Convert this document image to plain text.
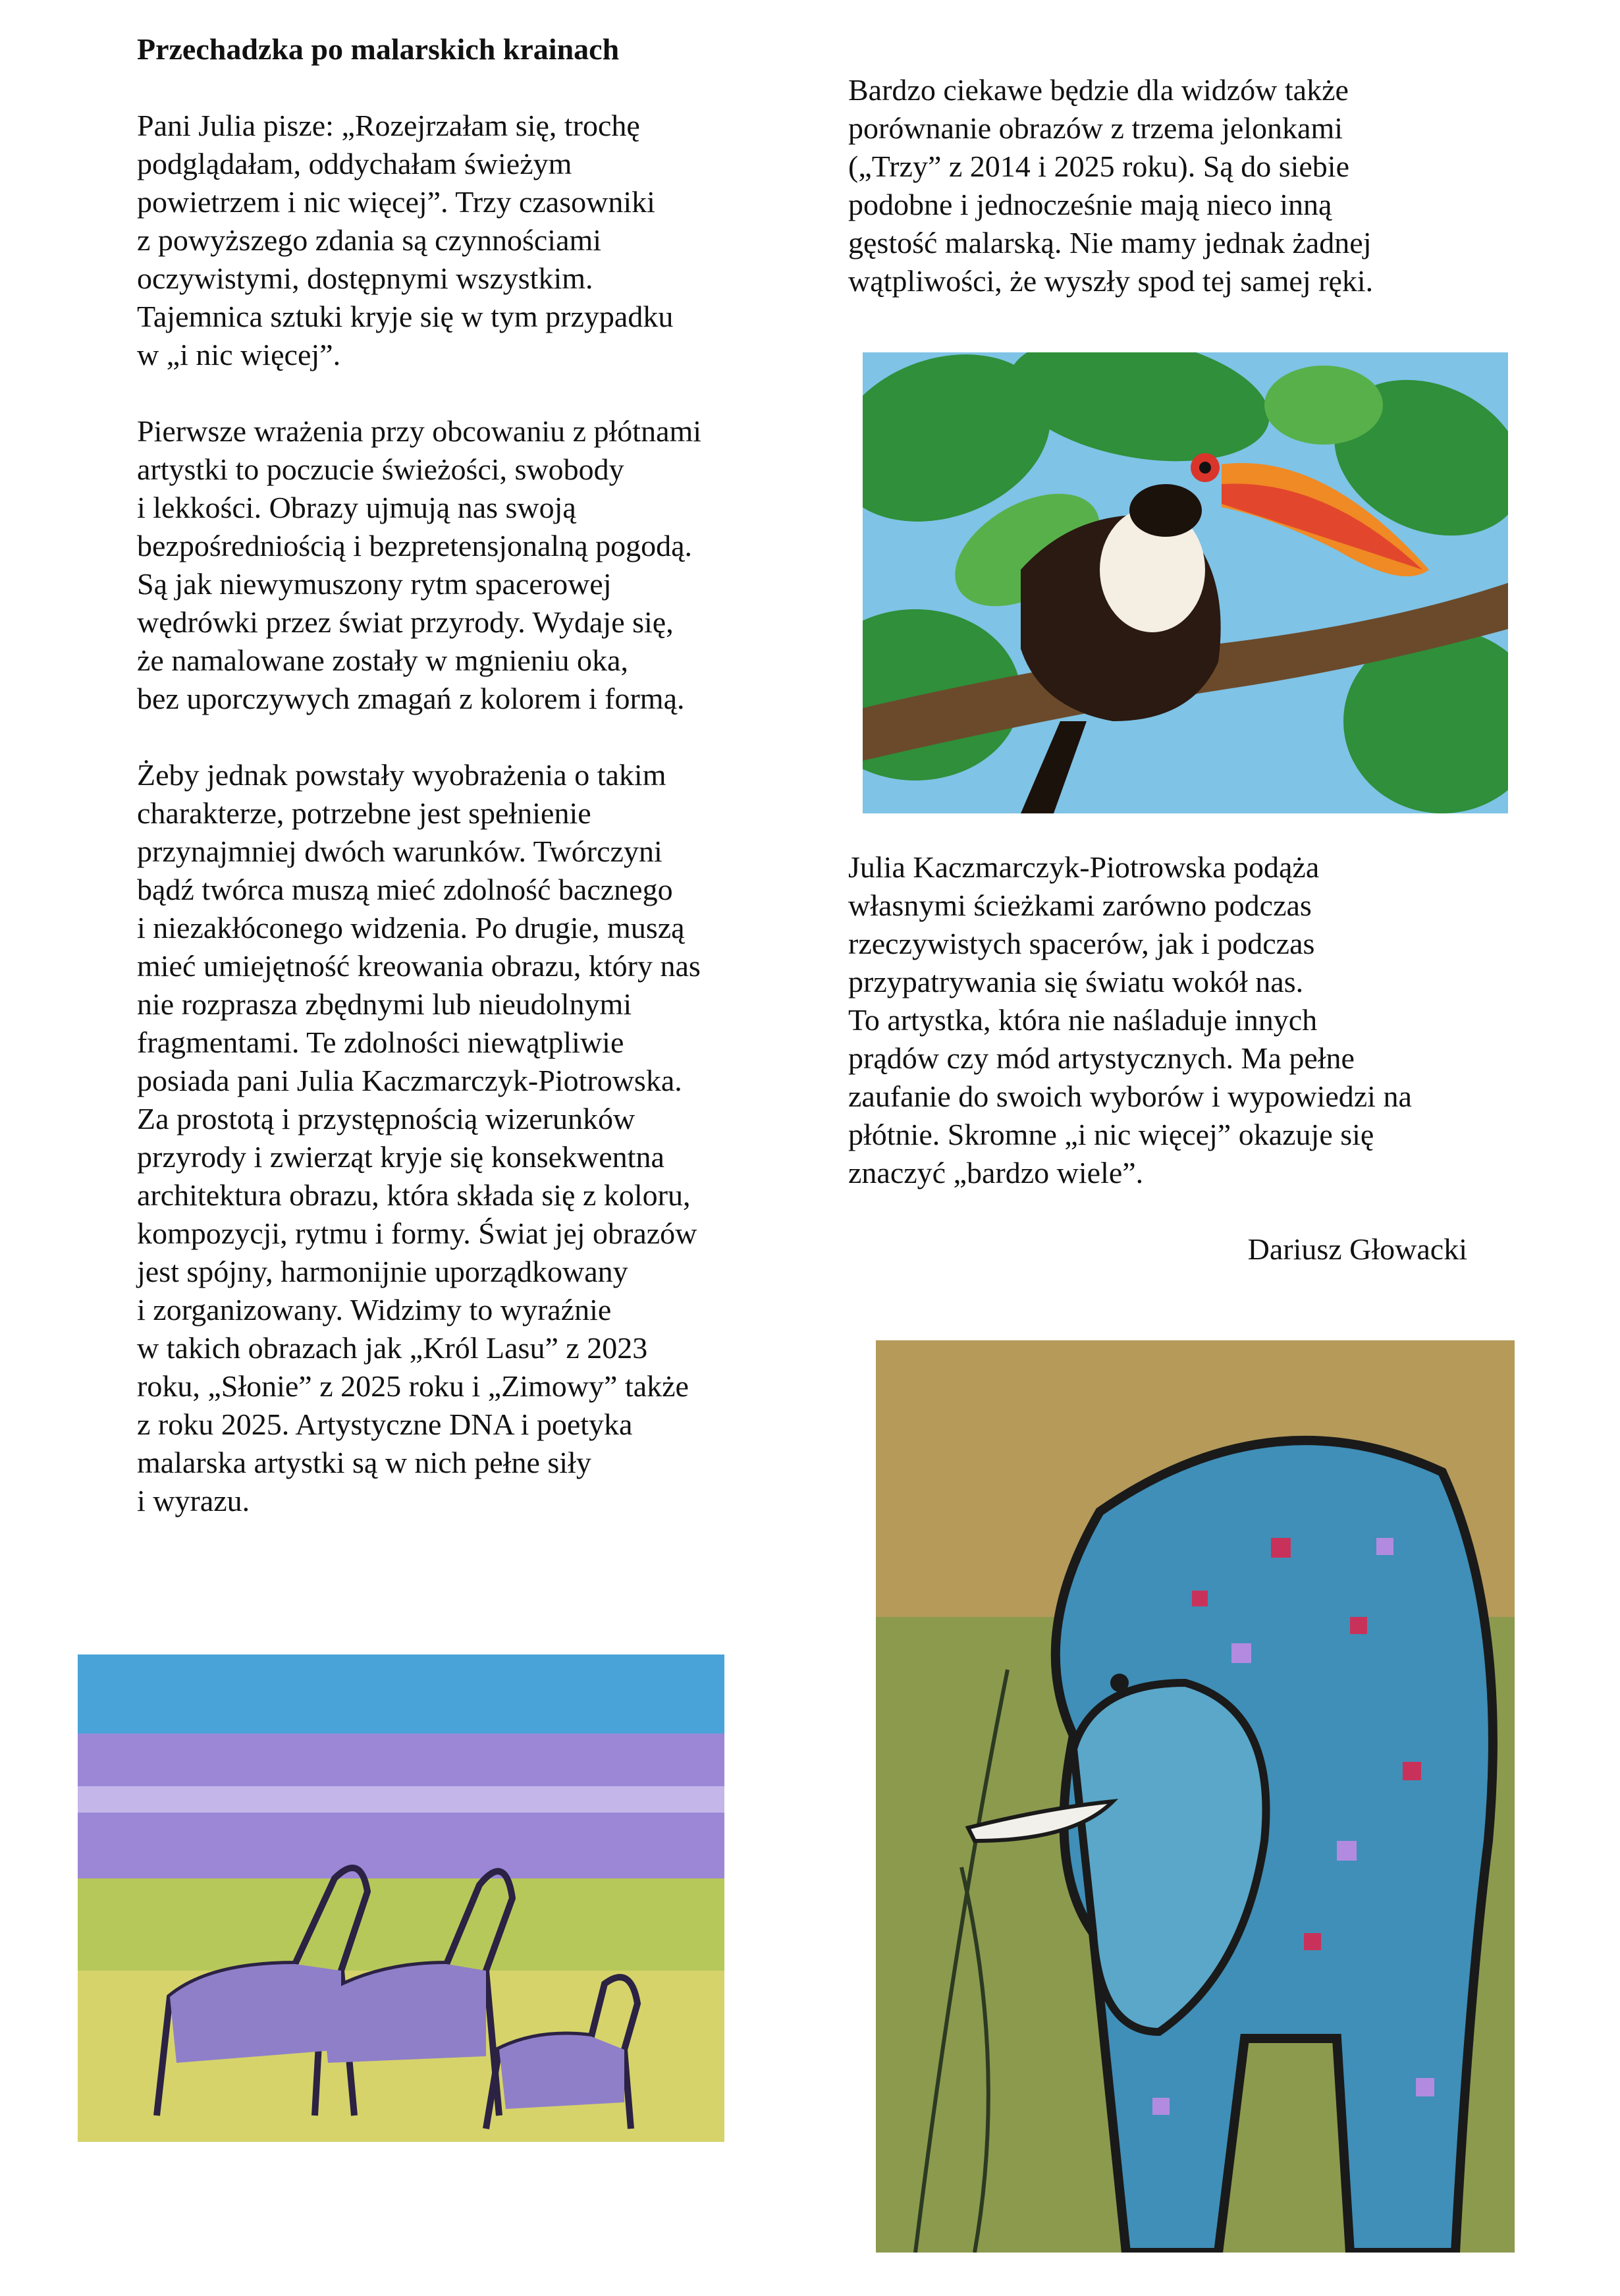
Przechadzka po malarskich krainach

Pani Julia pisze: „Rozejrzałam się, trochę
podglądałam, oddychałam świeżym
powietrzem i nic więcej”. Trzy czasowniki
z powyższego zdania są czynnościami
oczywistymi, dostępnymi wszystkim.
Tajemnica sztuki kryje się w tym przypadku
w „i nic więcej”.

Pierwsze wrażenia przy obcowaniu z płótnami
artystki to poczucie świeżości, swobody
i lekkości. Obrazy ujmują nas swoją
bezpośredniością i bezpretensjonalną pogodą.
Są jak niewymuszony rytm spacerowej
wędrówki przez świat przyrody. Wydaje się,
że namalowane zostały w mgnieniu oka,
bez uporczywych zmagań z kolorem i formą.

Żeby jednak powstały wyobrażenia o takim
charakterze, potrzebne jest spełnienie
przynajmniej dwóch warunków. Twórczyni
bądź twórca muszą mieć zdolność bacznego
i niezakłóconego widzenia. Po drugie, muszą
mieć umiejętność kreowania obrazu, który nas
nie rozprasza zbędnymi lub nieudolnymi
fragmentami. Te zdolności niewątpliwie
posiada pani Julia Kaczmarczyk-Piotrowska.
Za prostotą i przystępnością wizerunków
przyrody i zwierząt kryje się konsekwentna
architektura obrazu, która składa się z koloru,
kompozycji, rytmu i formy. Świat jej obrazów
jest spójny, harmonijnie uporządkowany
i zorganizowany. Widzimy to wyraźnie
w takich obrazach jak „Król Lasu” z 2023
roku, „Słonie” z 2025 roku i „Zimowy” także
z roku 2025. Artystyczne DNA i poetyka
malarska artystki są w nich pełne siły
i wyrazu.

Bardzo ciekawe będzie dla widzów także
porównanie obrazów z trzema jelonkami
(„Trzy” z 2014 i 2025 roku). Są do siebie
podobne i jednocześnie mają nieco inną
gęstość malarską. Nie mamy jednak żadnej
wątpliwości, że wyszły spod tej samej ręki.

Julia Kaczmarczyk-Piotrowska podąża
własnymi ścieżkami zarówno podczas
rzeczywistych spacerów, jak i podczas
przypatrywania się światu wokół nas.
To artystka, która nie naśladuje innych
prądów czy mód artystycznych. Ma pełne
zaufanie do swoich wyborów i wypowiedzi na
płótnie. Skromne „i nic więcej” okazuje się
znaczyć „bardzo wiele”.

Dariusz Głowacki
